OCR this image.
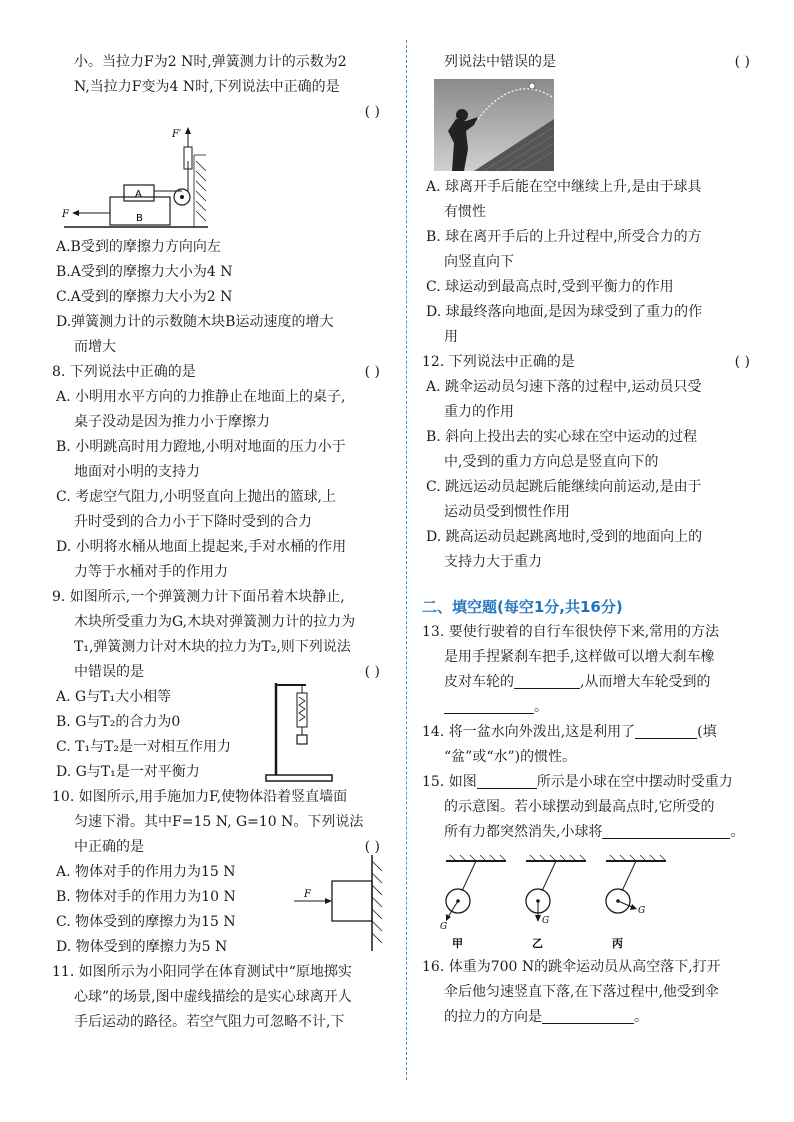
小。当拉力F为2 N时,弹簧测力计的示数为2
N,当拉力F变为4 N时,下列说法中正确的是
( )
A
B
F′
F
A.B受到的摩擦力方向向左
B.A受到的摩擦力大小为4 N
C.A受到的摩擦力大小为2 N
D.弹簧测力计的示数随木块B运动速度的增大
而增大
8. 下列说法中正确的是	( )
A. 小明用水平方向的力推静止在地面上的桌子,
桌子没动是因为推力小于摩擦力
B. 小明跳高时用力蹬地,小明对地面的压力小于
地面对小明的支持力
C. 考虑空气阻力,小明竖直向上抛出的篮球,上
升时受到的合力小于下降时受到的合力
D. 小明将水桶从地面上提起来,手对水桶的作用
力等于水桶对手的作用力
9. 如图所示,一个弹簧测力计下面吊着木块静止,
木块所受重力为G,木块对弹簧测力计的拉力为
T₁,弹簧测力计对木块的拉力为T₂,则下列说法
中错误的是	( )
A. G与T₁大小相等
B. G与T₂的合力为0
C. T₁与T₂是一对相互作用力
D. G与T₁是一对平衡力
10. 如图所示,用手施加力F,使物体沿着竖直墙面
匀速下滑。其中F=15 N, G=10 N。下列说法
中正确的是	( )
A. 物体对手的作用力为15 N
B. 物体对手的作用力为10 N
C. 物体受到的摩擦力为15 N
D. 物体受到的摩擦力为5 N
F
11. 如图所示为小阳同学在体育测试中“原地掷实
心球”的场景,图中虚线描绘的是实心球离开人
手后运动的路径。若空气阻力可忽略不计,下
列说法中错误的是	( )
A. 球离开手后能在空中继续上升,是由于球具
有惯性
B. 球在离开手后的上升过程中,所受合力的方
向竖直向下
C. 球运动到最高点时,受到平衡力的作用
D. 球最终落向地面,是因为球受到了重力的作
用
12. 下列说法中正确的是	( )
A. 跳伞运动员匀速下落的过程中,运动员只受
重力的作用
B. 斜向上投出去的实心球在空中运动的过程
中,受到的重力方向总是竖直向下的
C. 跳远运动员起跳后能继续向前运动,是由于
运动员受到惯性作用
D. 跳高运动员起跳离地时,受到的地面向上的
支持力大于重力
二、填空题(每空1分,共16分)
13. 要使行驶着的自行车很快停下来,常用的方法
是用手捏紧刹车把手,这样做可以增大刹车橡
皮对车轮的	,从而增大车轮受到的
。
14. 将一盆水向外泼出,这是利用了	(填
“盆”或“水”)的惯性。
15. 如图	所示是小球在空中摆动时受重力
的示意图。若小球摆动到最高点时,它所受的
所有力都突然消失,小球将	。
G
G
G
甲	乙	丙
16. 体重为700 N的跳伞运动员从高空落下,打开
伞后他匀速竖直下落,在下落过程中,他受到伞
的拉力的方向是	。
